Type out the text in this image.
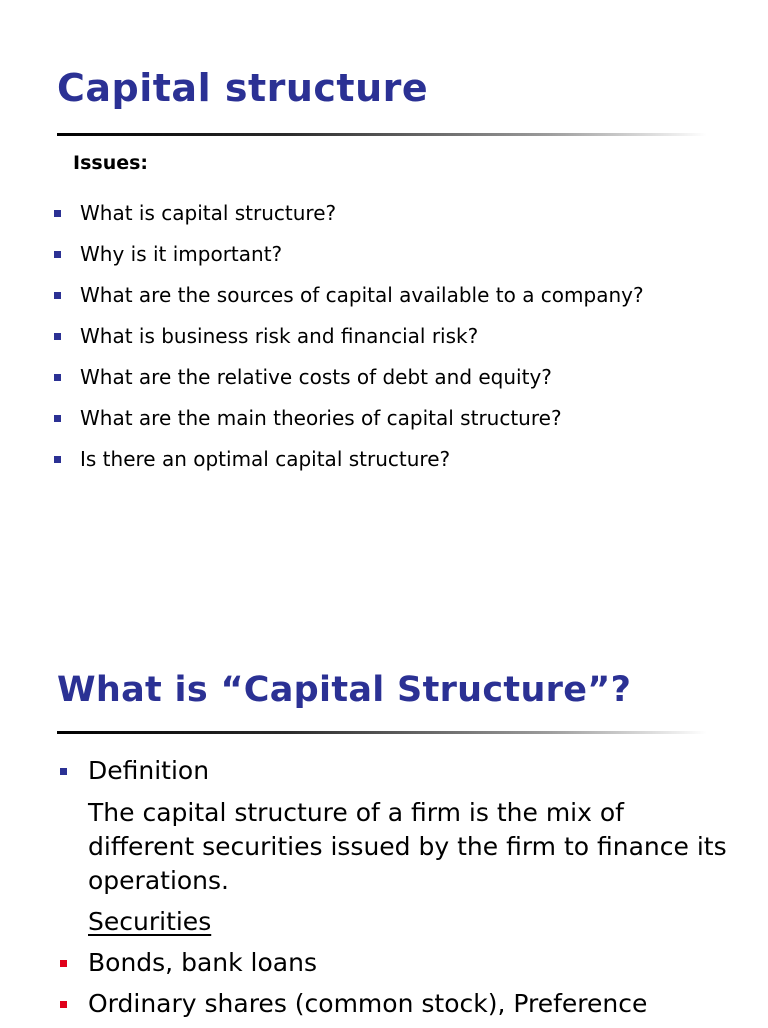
Capital structure
Issues:
What is capital structure?
Why is it important?
What are the sources of capital available to a company?
What is business risk and financial risk?
What are the relative costs of debt and equity?
What are the main theories of capital structure?
Is there an optimal capital structure?
What is “Capital Structure”?
Definition

The capital structure of a firm is the mix of different securities issued by the firm to finance its operations.

Securities
Bonds, bank loans
Ordinary shares (common stock), Preference
